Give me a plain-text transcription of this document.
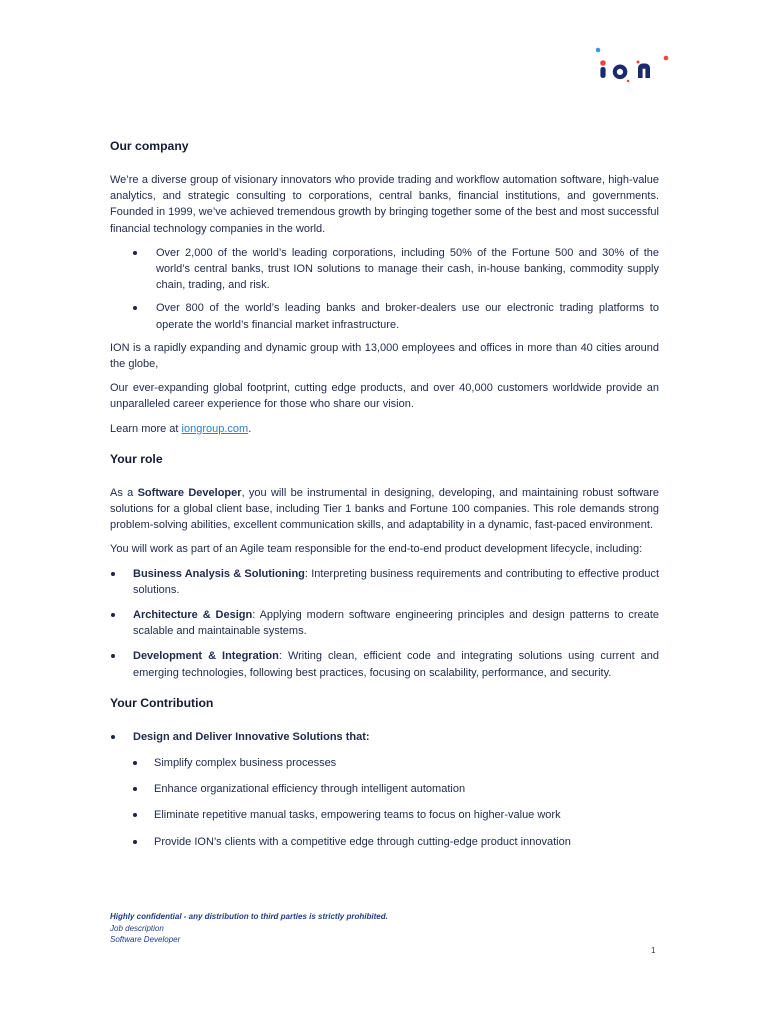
Our company

We’re a diverse group of visionary innovators who provide trading and workflow automation software, high-value analytics, and strategic consulting to corporations, central banks, financial institutions, and governments. Founded in 1999, we’ve achieved tremendous growth by bringing together some of the best and most successful financial technology companies in the world.

Over 2,000 of the world’s leading corporations, including 50% of the Fortune 500 and 30% of the world’s central banks, trust ION solutions to manage their cash, in-house banking, commodity supply chain, trading, and risk.
Over 800 of the world’s leading banks and broker-dealers use our electronic trading platforms to operate the world’s financial market infrastructure.

ION is a rapidly expanding and dynamic group with 13,000 employees and offices in more than 40 cities around the globe,

Our ever-expanding global footprint, cutting edge products, and over 40,000 customers worldwide provide an unparalleled career experience for those who share our vision.

Learn more at iongroup.com.

Your role

As a Software Developer, you will be instrumental in designing, developing, and maintaining robust software solutions for a global client base, including Tier 1 banks and Fortune 100 companies. This role demands strong problem-solving abilities, excellent communication skills, and adaptability in a dynamic, fast-paced environment.

You will work as part of an Agile team responsible for the end-to-end product development lifecycle, including:

Business Analysis & Solutioning: Interpreting business requirements and contributing to effective product solutions.
Architecture & Design: Applying modern software engineering principles and design patterns to create scalable and maintainable systems.
Development & Integration: Writing clean, efficient code and integrating solutions using current and emerging technologies, following best practices, focusing on scalability, performance, and security.
Your Contribution
Design and Deliver Innovative Solutions that:
Simplify complex business processes
Enhance organizational efficiency through intelligent automation
Eliminate repetitive manual tasks, empowering teams to focus on higher-value work
Provide ION’s clients with a competitive edge through cutting-edge product innovation
Highly confidential - any distribution to third parties is strictly prohibited.
Job description
Software Developer
1
